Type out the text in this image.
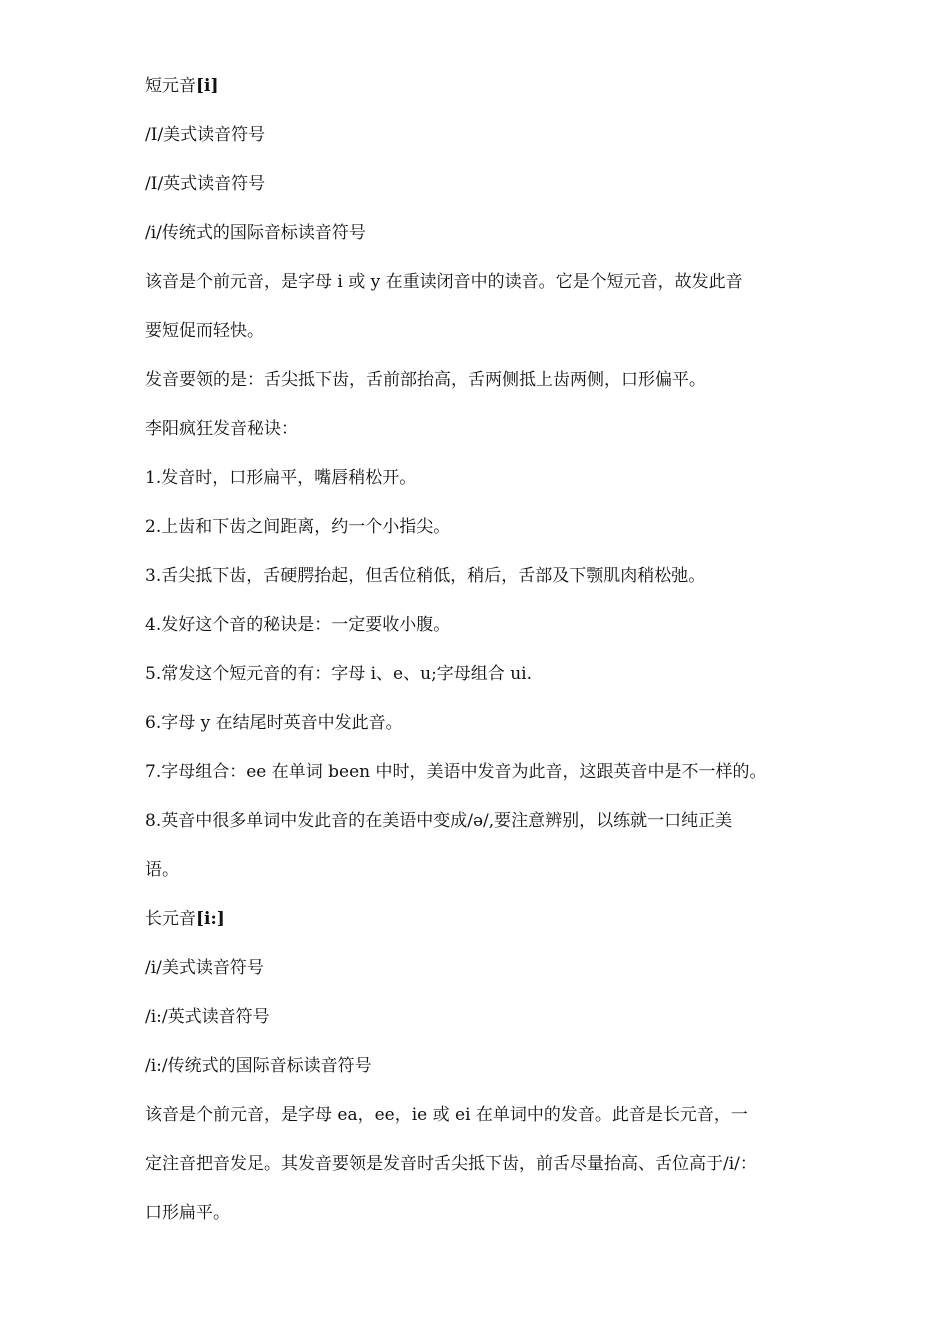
短元音[i]
/I/美式读音符号
/I/英式读音符号
/i/传统式的国际音标读音符号
该音是个前元音，是字母 i 或 y 在重读闭音中的读音。它是个短元音，故发此音
要短促而轻快。
发音要领的是：舌尖抵下齿，舌前部抬高，舌两侧抵上齿两侧，口形偏平。
李阳疯狂发音秘诀：
1.发音时，口形扁平，嘴唇稍松开。
2.上齿和下齿之间距离，约一个小指尖。
3.舌尖抵下齿，舌硬腭抬起，但舌位稍低，稍后，舌部及下颚肌肉稍松弛。
4.发好这个音的秘诀是：一定要收小腹。
5.常发这个短元音的有：字母 i、e、u;字母组合 ui.
6.字母 y 在结尾时英音中发此音。
7.字母组合：ee 在单词 been 中时，美语中发音为此音，这跟英音中是不一样的。
8.英音中很多单词中发此音的在美语中变成/ə/,要注意辨别，以练就一口纯正美
语。
长元音[i:]
/i/美式读音符号
/i:/英式读音符号
/i:/传统式的国际音标读音符号
该音是个前元音，是字母 ea，ee，ie 或 ei 在单词中的发音。此音是长元音，一
定注音把音发足。其发音要领是发音时舌尖抵下齿，前舌尽量抬高、舌位高于/i/：
口形扁平。
